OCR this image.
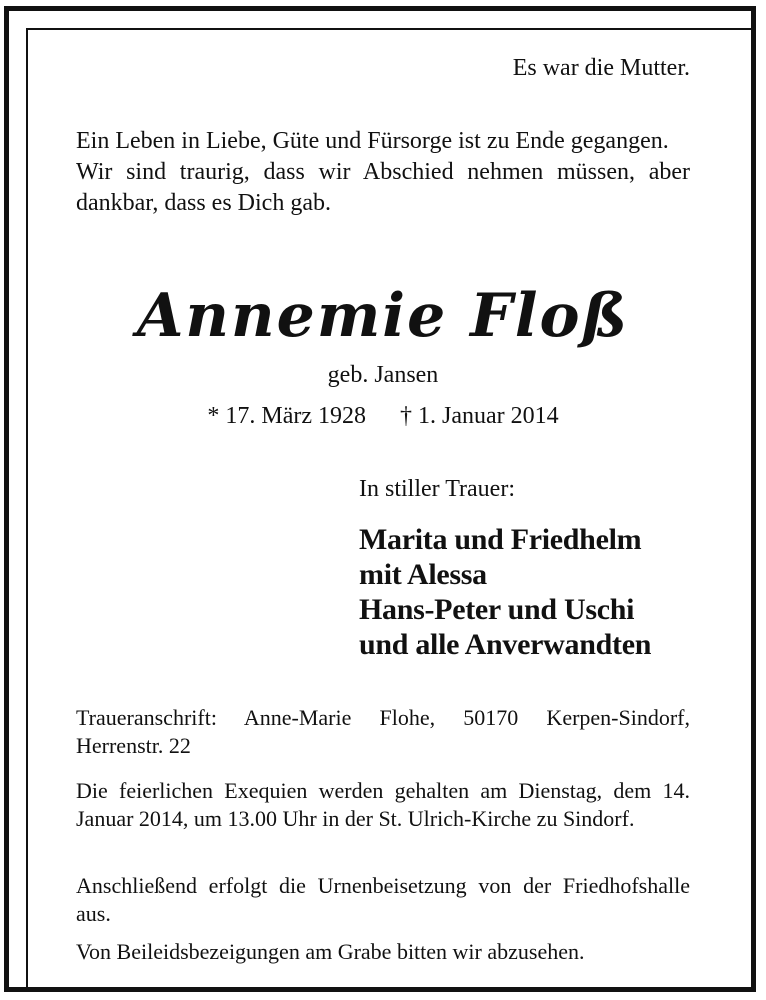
Es war die Mutter.
Ein Leben in Liebe, Güte und Fürsorge ist zu Ende gegangen.
Wir sind traurig, dass wir Abschied nehmen müssen, aber dankbar, dass es Dich gab.
Annemie Floß
geb. Jansen
* 17. März 1928 † 1. Januar 2014
In stiller Trauer:
Marita und Friedhelm
mit Alessa
Hans-Peter und Uschi
und alle Anverwandten
Traueranschrift: Anne-Marie Flohe, 50170 Kerpen-Sindorf, Herrenstr. 22
Die feierlichen Exequien werden gehalten am Dienstag, dem 14. Januar 2014, um 13.00 Uhr in der St. Ulrich-Kirche zu Sindorf.
Anschließend erfolgt die Urnenbeisetzung von der Friedhofshalle aus.
Von Beileidsbezeigungen am Grabe bitten wir abzusehen.
